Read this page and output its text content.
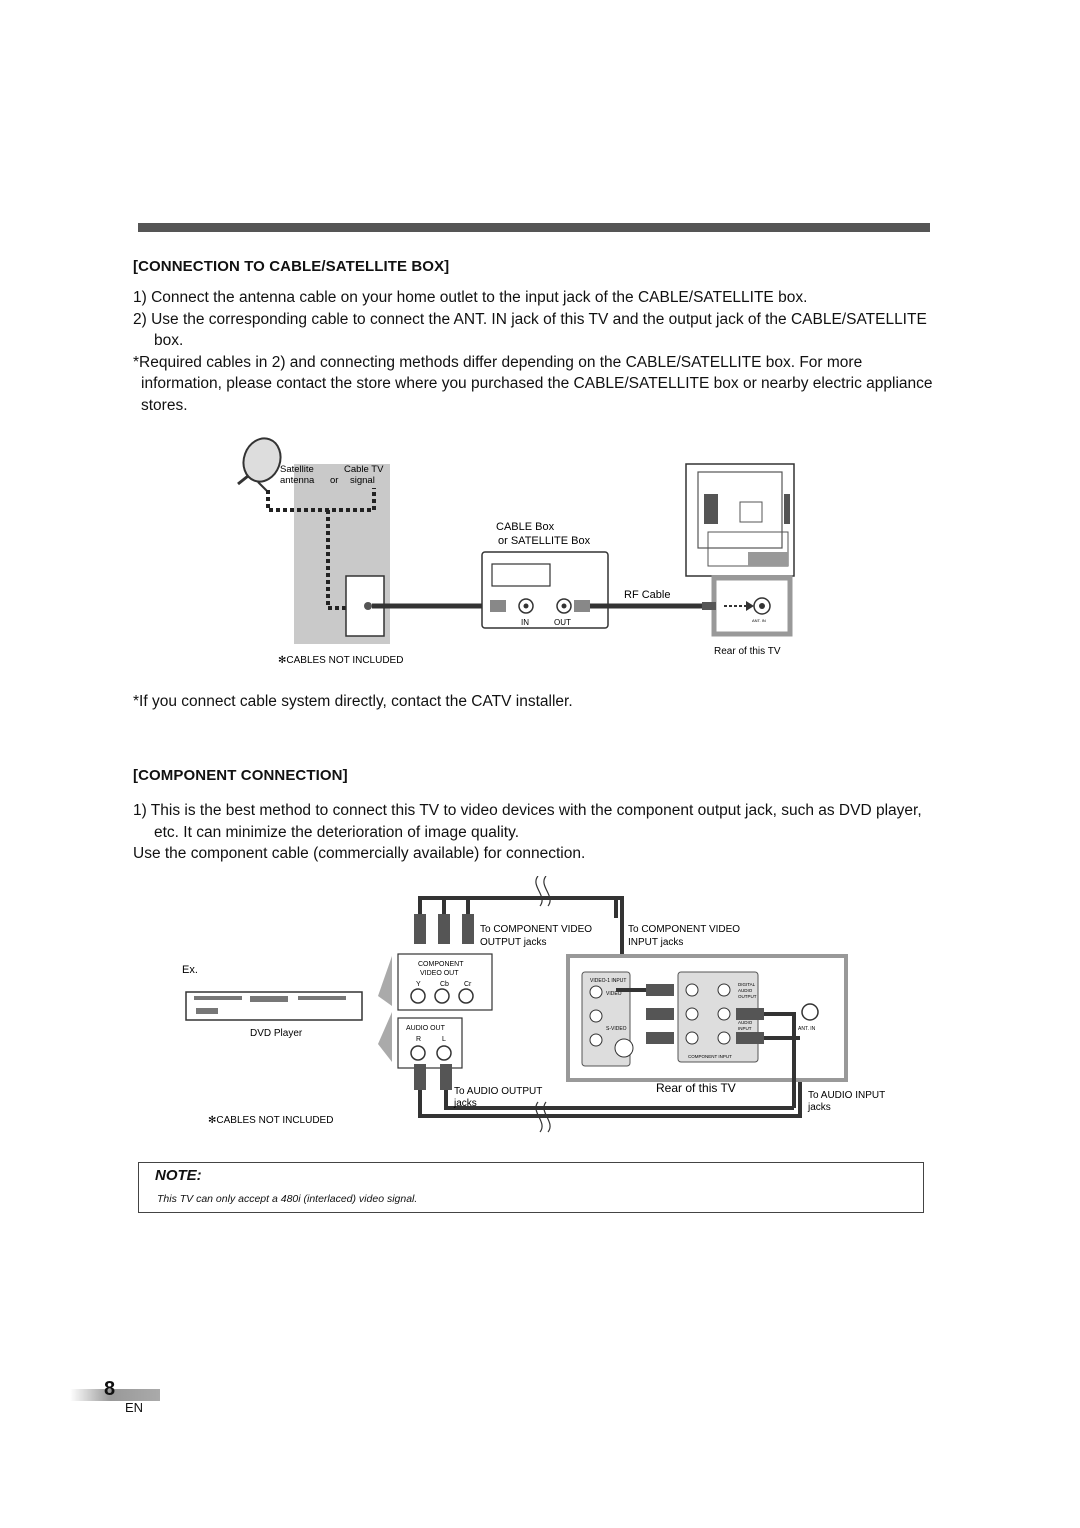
[CONNECTION TO CABLE/SATELLITE BOX]
1) Connect the antenna cable on your home outlet to the input jack of the CABLE/SATELLITE box.
2) Use the corresponding cable to connect the ANT. IN jack of this TV and the output jack of the CABLE/SATELLITE box.
*Required cables in 2) and connecting methods differ depending on the CABLE/SATELLITE box. For more information, please contact the store where you purchased the CABLE/SATELLITE box or nearby electric appliance stores.
Satellite
antenna or
Cable TV
signal
CABLE Box
or SATELLITE Box
IN	OUT
RF Cable
ANT. IN
Rear of this TV
✻CABLES NOT INCLUDED
*If you connect cable system directly, contact the CATV installer.
[COMPONENT CONNECTION]
1) This is the best method to connect this TV to video devices with the component output jack, such as DVD player, etc. It can minimize the deterioration of image quality.
Use the component cable (commercially available) for connection.
Ex.
DVD Player
COMPONENT
VIDEO OUT
Y	Cb Cr
AUDIO OUT
R	L
To COMPONENT VIDEO
OUTPUT jacks
To COMPONENT VIDEO
INPUT jacks
To AUDIO OUTPUT
jacks
To AUDIO INPUT
jacks
VIDEO-1 INPUT
VIDEO
S-VIDEO
COMPONENT INPUT
DIGITAL
AUDIO
OUTPUT
AUDIO
INPUT	ANT. IN
Rear of this TV
✻CABLES NOT INCLUDED
NOTE:
This TV can only accept a 480i (interlaced) video signal.
8
EN
